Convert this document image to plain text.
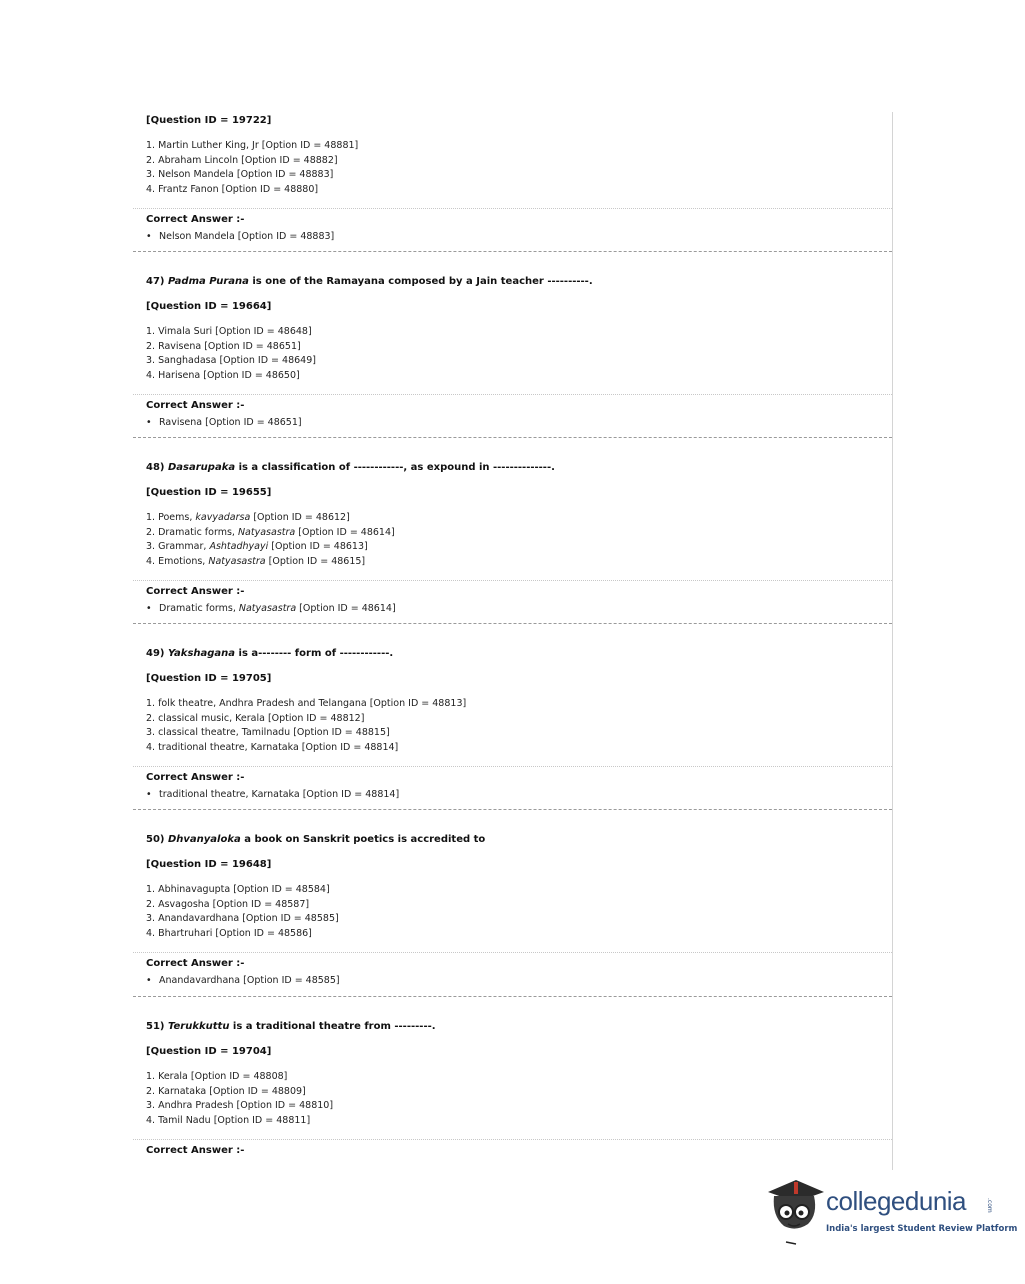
[Question ID = 19722]
1. Martin Luther King, Jr [Option ID = 48881]
2. Abraham Lincoln [Option ID = 48882]
3. Nelson Mandela [Option ID = 48883]
4. Frantz Fanon [Option ID = 48880]
Correct Answer :-
• Nelson Mandela [Option ID = 48883]
47) Padma Purana is one of the Ramayana composed by a Jain teacher ----------.
[Question ID = 19664]
1. Vimala Suri [Option ID = 48648]
2. Ravisena [Option ID = 48651]
3. Sanghadasa [Option ID = 48649]
4. Harisena [Option ID = 48650]
Correct Answer :-
• Ravisena [Option ID = 48651]
48) Dasarupaka is a classification of ------------, as expound in --------------.
[Question ID = 19655]
1. Poems, kavyadarsa [Option ID = 48612]
2. Dramatic forms, Natyasastra [Option ID = 48614]
3. Grammar, Ashtadhyayi [Option ID = 48613]
4. Emotions, Natyasastra [Option ID = 48615]
Correct Answer :-
• Dramatic forms, Natyasastra [Option ID = 48614]
49) Yakshagana is a-------- form of ------------.
[Question ID = 19705]
1. folk theatre, Andhra Pradesh and Telangana [Option ID = 48813]
2. classical music, Kerala [Option ID = 48812]
3. classical theatre, Tamilnadu [Option ID = 48815]
4. traditional theatre, Karnataka [Option ID = 48814]
Correct Answer :-
• traditional theatre, Karnataka [Option ID = 48814]
50) Dhvanyaloka a book on Sanskrit poetics is accredited to
[Question ID = 19648]
1. Abhinavagupta [Option ID = 48584]
2. Asvagosha [Option ID = 48587]
3. Anandavardhana [Option ID = 48585]
4. Bhartruhari [Option ID = 48586]
Correct Answer :-
• Anandavardhana [Option ID = 48585]
51) Terukkuttu is a traditional theatre from ---------.
[Question ID = 19704]
1. Kerala [Option ID = 48808]
2. Karnataka [Option ID = 48809]
3. Andhra Pradesh [Option ID = 48810]
4. Tamil Nadu [Option ID = 48811]
Correct Answer :-
collegedunia	.com
India's largest Student Review Platform
